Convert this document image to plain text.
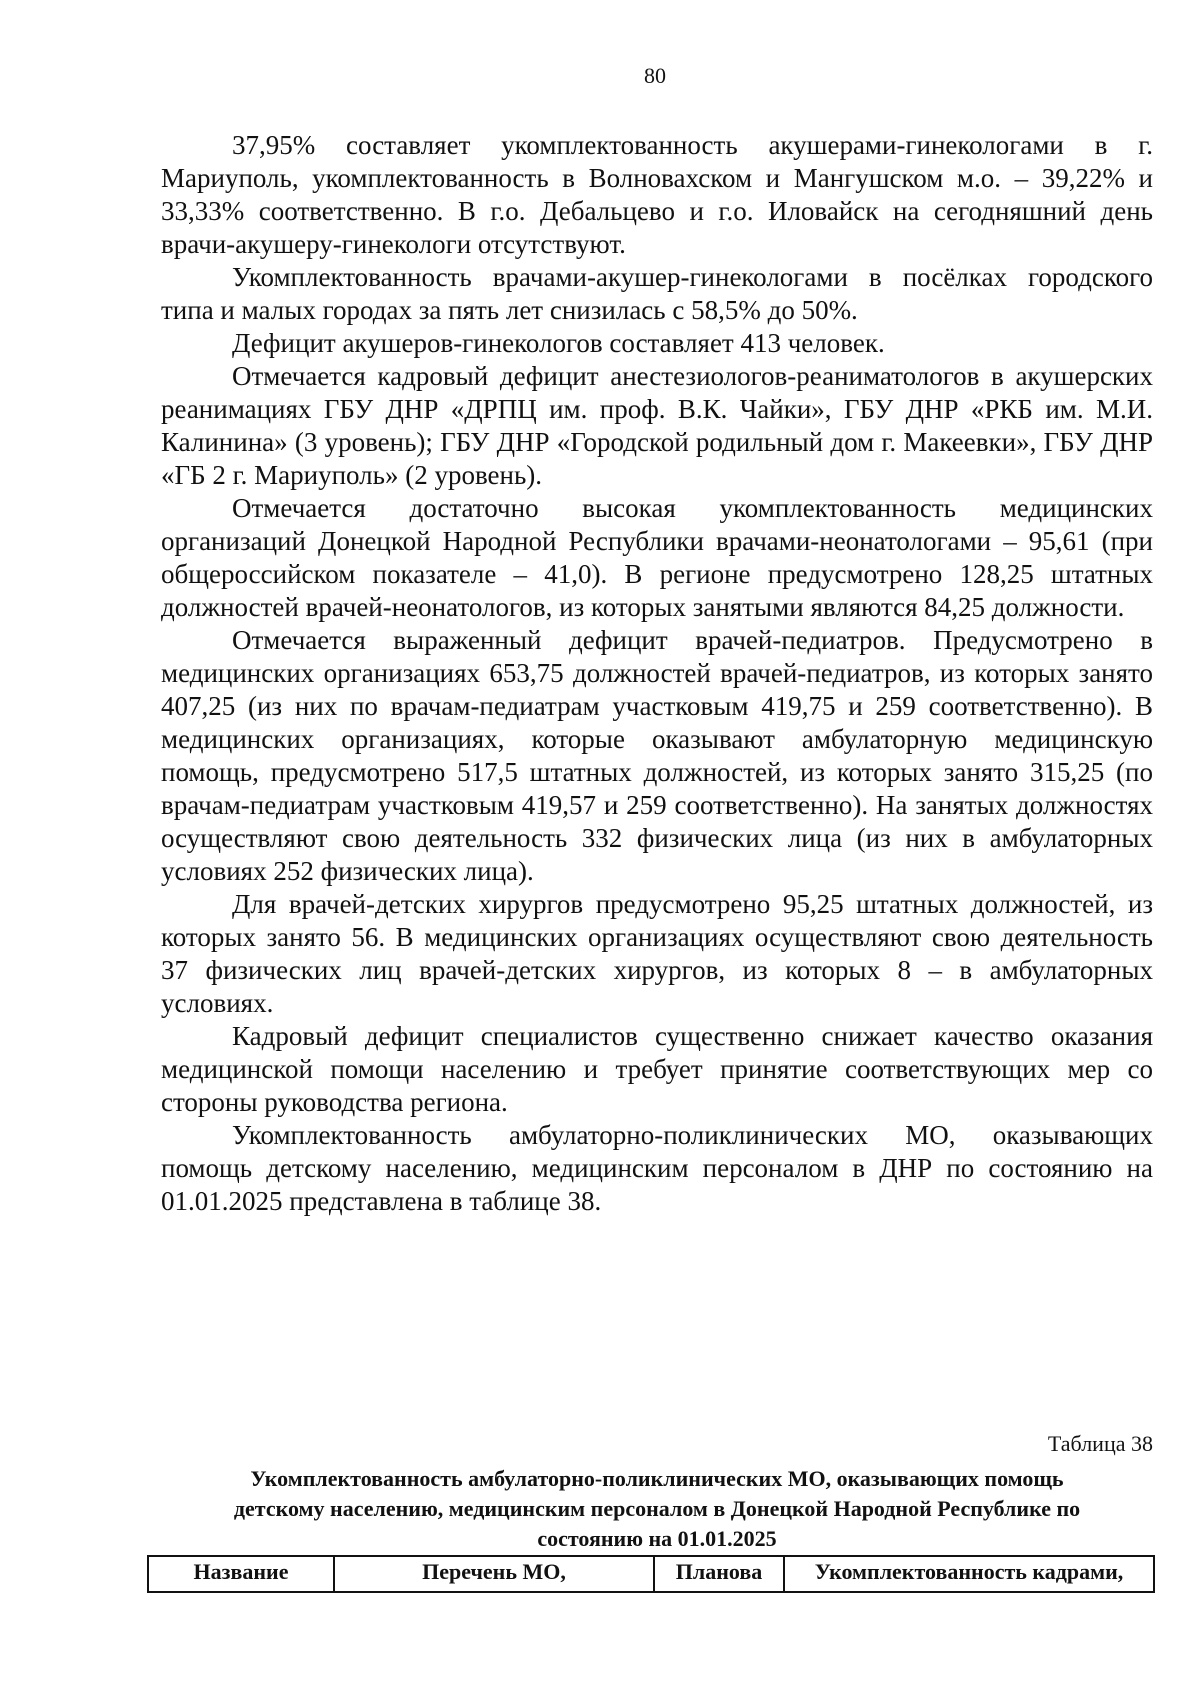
80

37,95% составляет укомплектованность акушерами-гинекологами в г. Мариуполь, укомплектованность в Волновахском и Мангушском м.о. – 39,22% и 33,33% соответственно. В г.о. Дебальцево и г.о. Иловайск на сегодняшний день врачи-акушеру-гинекологи отсутствуют.

Укомплектованность врачами-акушер-гинекологами в посёлках городского типа и малых городах за пять лет снизилась с 58,5% до 50%.

Дефицит акушеров-гинекологов составляет 413 человек.

Отмечается кадровый дефицит анестезиологов-реаниматологов в акушерских реанимациях ГБУ ДНР «ДРПЦ им. проф. В.К. Чайки», ГБУ ДНР «РКБ им. М.И. Калинина» (3 уровень); ГБУ ДНР «Городской родильный дом г. Макеевки», ГБУ ДНР «ГБ 2 г. Мариуполь» (2 уровень).

Отмечается достаточно высокая укомплектованность медицинских организаций Донецкой Народной Республики врачами-неонатологами – 95,61 (при общероссийском показателе – 41,0). В регионе предусмотрено 128,25 штатных должностей врачей-неонатологов, из которых занятыми являются 84,25 должности.

Отмечается выраженный дефицит врачей-педиатров. Предусмотрено в медицинских организациях 653,75 должностей врачей-педиатров, из которых занято 407,25 (из них по врачам-педиатрам участковым 419,75 и 259 соответственно). В медицинских организациях, которые оказывают амбулаторную медицинскую помощь, предусмотрено 517,5 штатных должностей, из которых занято 315,25 (по врачам-педиатрам участковым 419,57 и 259 соответственно). На занятых должностях осуществляют свою деятельность 332 физических лица (из них в амбулаторных условиях 252 физических лица).

Для врачей-детских хирургов предусмотрено 95,25 штатных должностей, из которых занято 56. В медицинских организациях осуществляют свою деятельность 37 физических лиц врачей-детских хирургов, из которых 8 – в амбулаторных условиях.

Кадровый дефицит специалистов существенно снижает качество оказания медицинской помощи населению и требует принятие соответствующих мер со стороны руководства региона.

Укомплектованность амбулаторно-поликлинических МО, оказывающих помощь детскому населению, медицинским персоналом в ДНР по состоянию на 01.01.2025 представлена в таблице 38.

Таблица 38
Укомплектованность амбулаторно-поликлинических МО, оказывающих помощь
детскому населению, медицинским персоналом в Донецкой Народной Республике по
состоянию на 01.01.2025
Название	Перечень МО,	Планова	Укомплектованность кадрами,
